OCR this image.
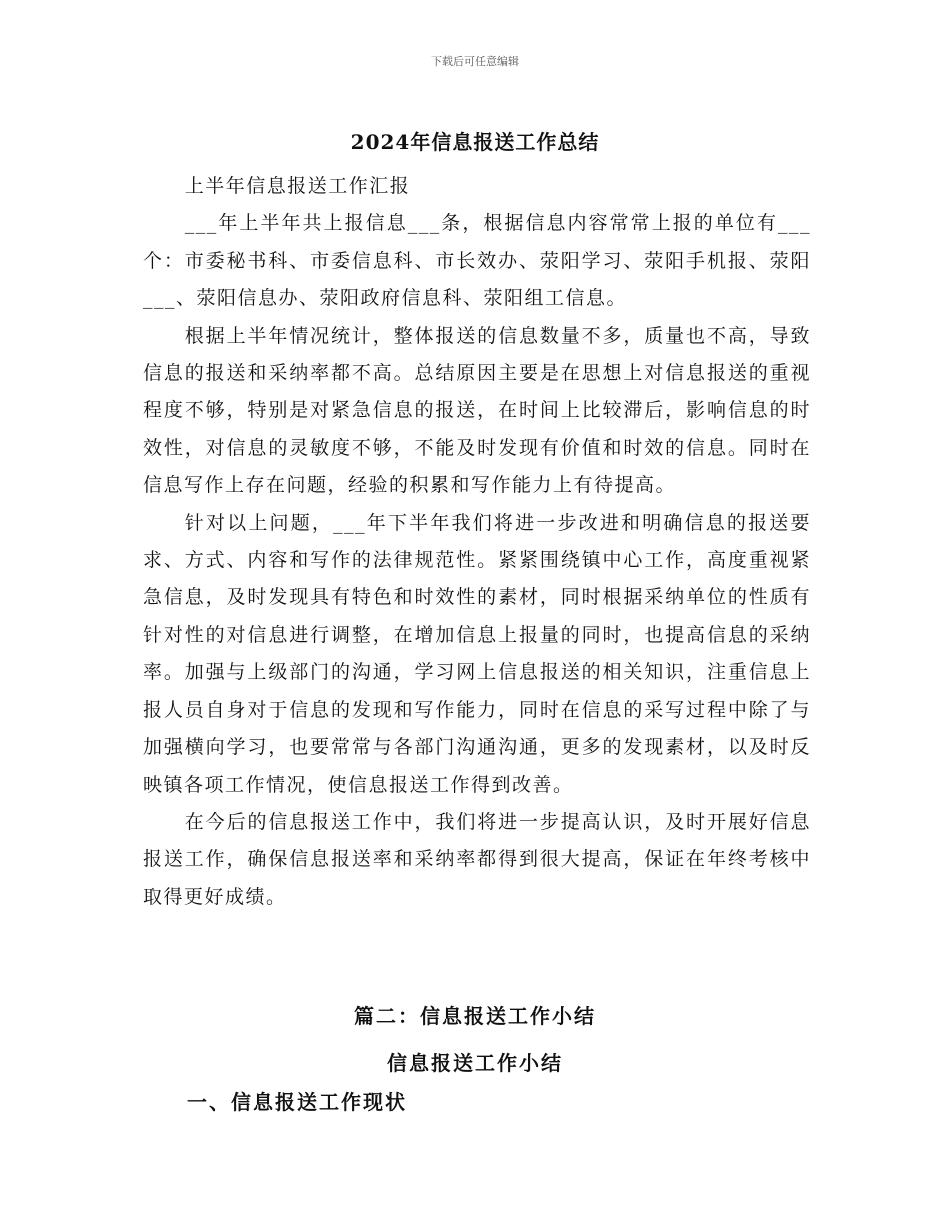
下载后可任意编辑
2024年信息报送工作总结

上半年信息报送工作汇报

___年上半年共上报信息___条，根据信息内容常常上报的单位有___个：市委秘书科、市委信息科、市长效办、荥阳学习、荥阳手机报、荥阳___、荥阳信息办、荥阳政府信息科、荥阳组工信息。

根据上半年情况统计，整体报送的信息数量不多，质量也不高，导致信息的报送和采纳率都不高。总结原因主要是在思想上对信息报送的重视程度不够，特别是对紧急信息的报送，在时间上比较滞后，影响信息的时效性，对信息的灵敏度不够，不能及时发现有价值和时效的信息。同时在信息写作上存在问题，经验的积累和写作能力上有待提高。

针对以上问题，___年下半年我们将进一步改进和明确信息的报送要求、方式、内容和写作的法律规范性。紧紧围绕镇中心工作，高度重视紧急信息，及时发现具有特色和时效性的素材，同时根据采纳单位的性质有针对性的对信息进行调整，在增加信息上报量的同时，也提高信息的采纳率。加强与上级部门的沟通，学习网上信息报送的相关知识，注重信息上报人员自身对于信息的发现和写作能力，同时在信息的采写过程中除了与加强横向学习，也要常常与各部门沟通沟通，更多的发现素材，以及时反映镇各项工作情况，使信息报送工作得到改善。

在今后的信息报送工作中，我们将进一步提高认识，及时开展好信息报送工作，确保信息报送率和采纳率都得到很大提高，保证在年终考核中取得更好成绩。

篇二：信息报送工作小结
信息报送工作小结
一、信息报送工作现状
